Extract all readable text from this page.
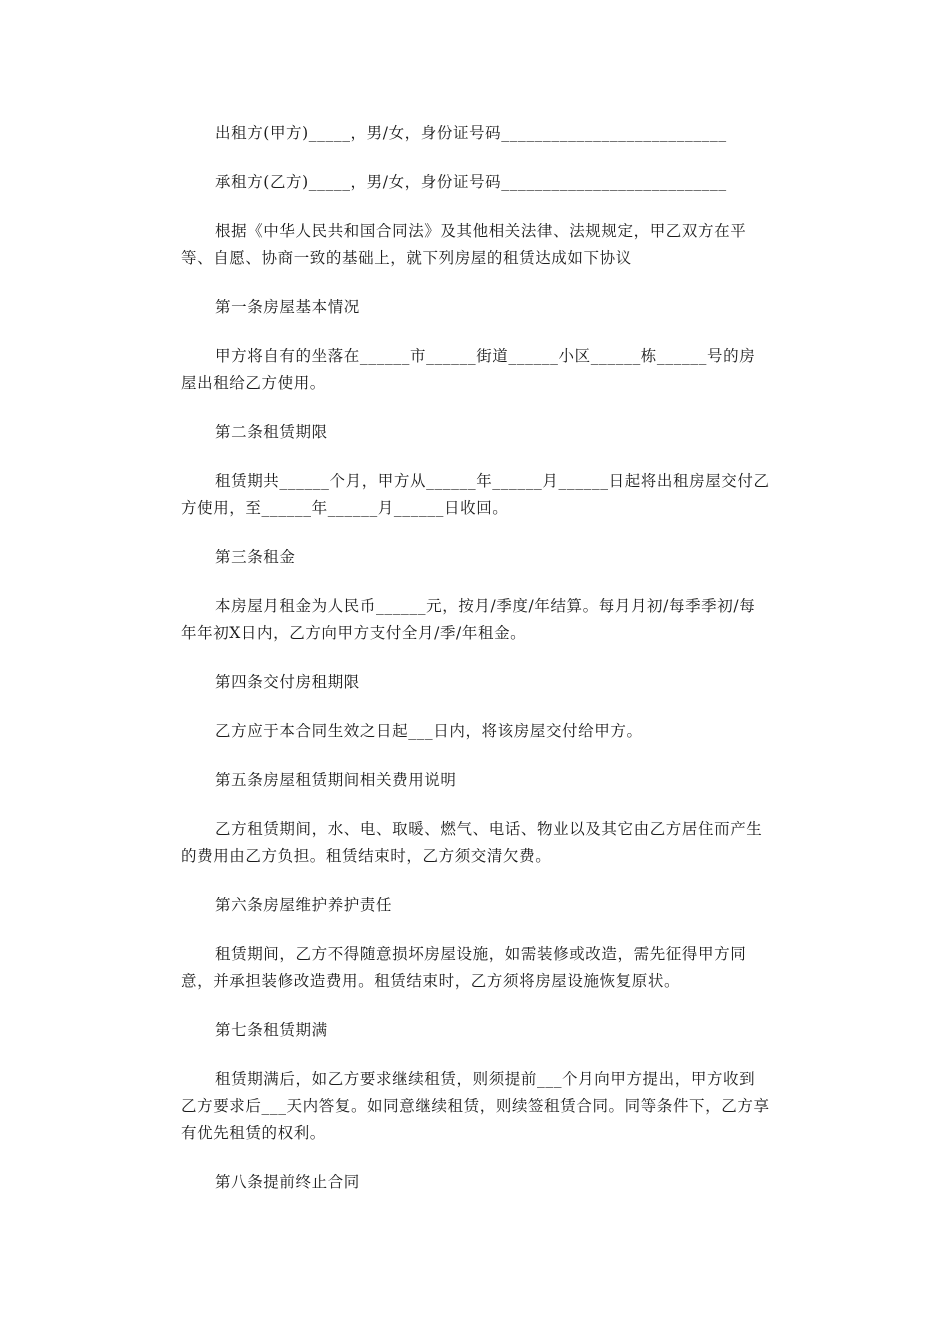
出租方(甲方)_____，男/女，身份证号码___________________________

承租方(乙方)_____，男/女，身份证号码___________________________

根据《中华人民共和国合同法》及其他相关法律、法规规定，甲乙双方在平等、自愿、协商一致的基础上，就下列房屋的租赁达成如下协议

第一条房屋基本情况

甲方将自有的坐落在______市______街道______小区______栋______号的房屋出租给乙方使用。

第二条租赁期限

租赁期共______个月，甲方从______年______月______日起将出租房屋交付乙方使用，至______年______月______日收回。

第三条租金

本房屋月租金为人民币______元，按月/季度/年结算。每月月初/每季季初/每年年初X日内，乙方向甲方支付全月/季/年租金。

第四条交付房租期限

乙方应于本合同生效之日起___日内，将该房屋交付给甲方。

第五条房屋租赁期间相关费用说明

乙方租赁期间，水、电、取暖、燃气、电话、物业以及其它由乙方居住而产生的费用由乙方负担。租赁结束时，乙方须交清欠费。

第六条房屋维护养护责任

租赁期间，乙方不得随意损坏房屋设施，如需装修或改造，需先征得甲方同意，并承担装修改造费用。租赁结束时，乙方须将房屋设施恢复原状。

第七条租赁期满

租赁期满后，如乙方要求继续租赁，则须提前___个月向甲方提出，甲方收到乙方要求后___天内答复。如同意继续租赁，则续签租赁合同。同等条件下，乙方享有优先租赁的权利。

第八条提前终止合同
